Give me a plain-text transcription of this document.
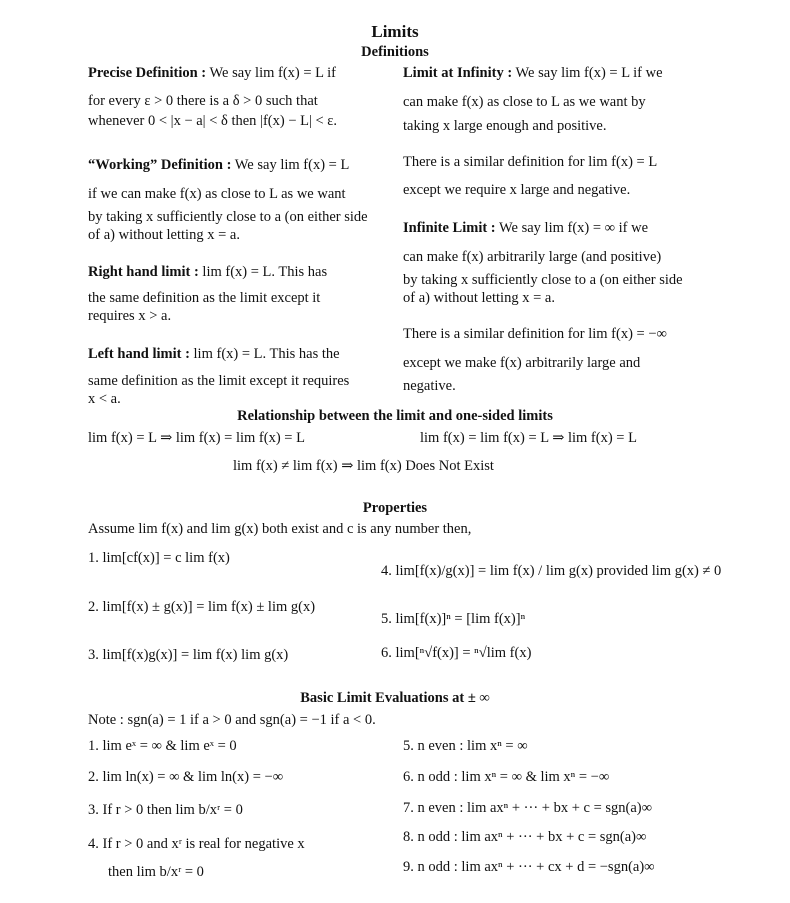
Limits
Definitions
Precise Definition : We say lim f(x) = L if
for every ε > 0 there is a δ > 0 such that
whenever 0 < |x − a| < δ then |f(x) − L| < ε.
“Working” Definition : We say lim f(x) = L
if we can make f(x) as close to L as we want
by taking x sufficiently close to a (on either side
of a) without letting x = a.
Right hand limit : lim f(x) = L. This has
the same definition as the limit except it
requires x > a.
Left hand limit : lim f(x) = L. This has the
same definition as the limit except it requires
x < a.
Limit at Infinity : We say lim f(x) = L if we
can make f(x) as close to L as we want by
taking x large enough and positive.
There is a similar definition for lim f(x) = L
except we require x large and negative.
Infinite Limit : We say lim f(x) = ∞ if we
can make f(x) arbitrarily large (and positive)
by taking x sufficiently close to a (on either side
of a) without letting x = a.
There is a similar definition for lim f(x) = −∞
except we make f(x) arbitrarily large and
negative.
Relationship between the limit and one-sided limits
lim f(x) = L ⇒ lim f(x) = lim f(x) = L	lim f(x) = lim f(x) = L ⇒ lim f(x) = L
lim f(x) ≠ lim f(x) ⇒ lim f(x) Does Not Exist
Properties
Assume lim f(x) and lim g(x) both exist and c is any number then,
1. lim[cf(x)] = c lim f(x)
2. lim[f(x) ± g(x)] = lim f(x) ± lim g(x)
3. lim[f(x)g(x)] = lim f(x) lim g(x)
4. lim[f(x)/g(x)] = lim f(x) / lim g(x) provided lim g(x) ≠ 0
5. lim[f(x)]ⁿ = [lim f(x)]ⁿ
6. lim[ⁿ√f(x)] = ⁿ√lim f(x)
Basic Limit Evaluations at ± ∞
Note : sgn(a) = 1 if a > 0 and sgn(a) = −1 if a < 0.
1. lim eˣ = ∞ & lim eˣ = 0
2. lim ln(x) = ∞ & lim ln(x) = −∞
3. If r > 0 then lim b/xʳ = 0
4. If r > 0 and xʳ is real for negative x
then lim b/xʳ = 0
5. n even : lim xⁿ = ∞
6. n odd : lim xⁿ = ∞ & lim xⁿ = −∞
7. n even : lim axⁿ + ··· + bx + c = sgn(a)∞
8. n odd : lim axⁿ + ··· + bx + c = sgn(a)∞
9. n odd : lim axⁿ + ··· + cx + d = −sgn(a)∞
